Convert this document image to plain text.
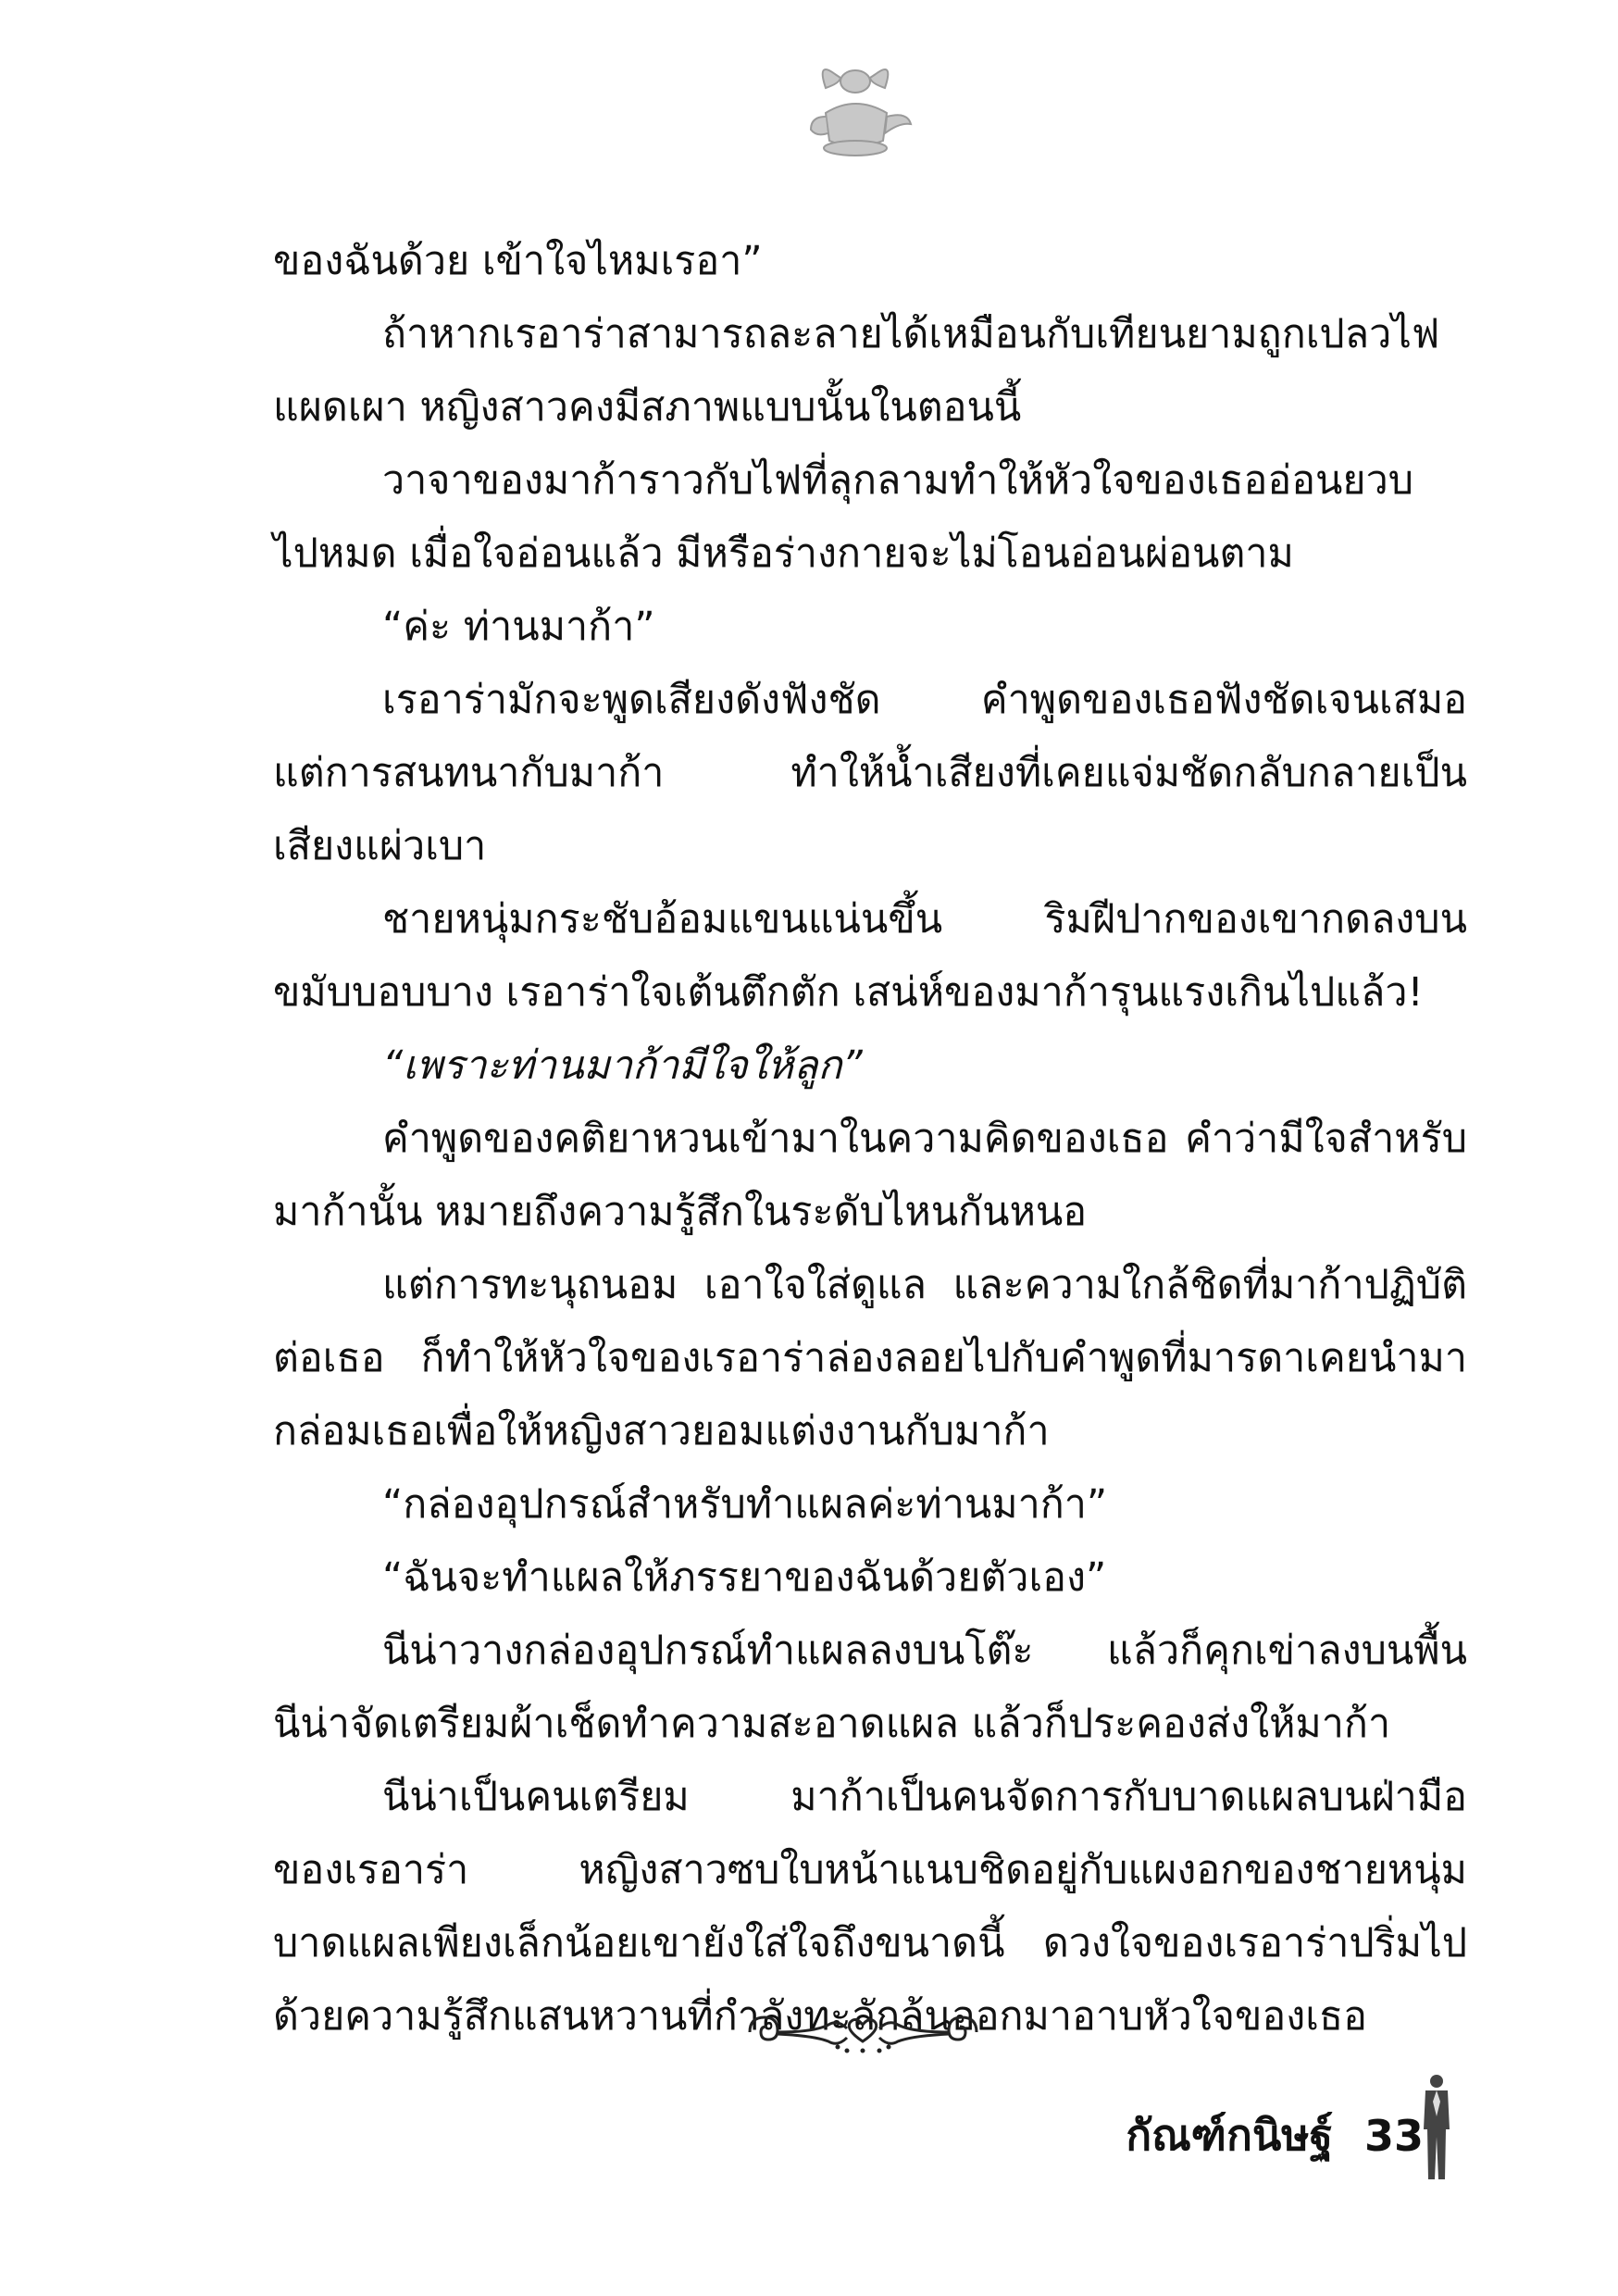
ของฉันด้วย เข้าใจไหมเรอา”
ถ้าหากเรอาร่าสามารถละลายได้เหมือนกับเทียนยามถูกเปลวไฟ
แผดเผา หญิงสาวคงมีสภาพแบบนั้นในตอนนี้
วาจาของมาก้าราวกับไฟที่ลุกลามทำให้หัวใจของเธออ่อนยวบ
ไปหมด เมื่อใจอ่อนแล้ว มีหรือร่างกายจะไม่โอนอ่อนผ่อนตาม
“ค่ะ ท่านมาก้า”
เรอาร่ามักจะพูดเสียงดังฟังชัด คำพูดของเธอฟังชัดเจนเสมอ
แต่การสนทนากับมาก้า ทำให้น้ำเสียงที่เคยแจ่มชัดกลับกลายเป็น
เสียงแผ่วเบา
ชายหนุ่มกระชับอ้อมแขนแน่นขึ้น ริมฝีปากของเขากดลงบน
ขมับบอบบาง เรอาร่าใจเต้นตึกตัก เสน่ห์ของมาก้ารุนแรงเกินไปแล้ว!
“เพราะท่านมาก้ามีใจให้ลูก”
คำพูดของคติยาหวนเข้ามาในความคิดของเธอ คำว่ามีใจสำหรับ
มาก้านั้น หมายถึงความรู้สึกในระดับไหนกันหนอ
แต่การทะนุถนอม เอาใจใส่ดูแล และความใกล้ชิดที่มาก้าปฏิบัติ
ต่อเธอ ก็ทำให้หัวใจของเรอาร่าล่องลอยไปกับคำพูดที่มารดาเคยนำมา
กล่อมเธอเพื่อให้หญิงสาวยอมแต่งงานกับมาก้า
“กล่องอุปกรณ์สำหรับทำแผลค่ะท่านมาก้า”
“ฉันจะทำแผลให้ภรรยาของฉันด้วยตัวเอง”
นีน่าวางกล่องอุปกรณ์ทำแผลลงบนโต๊ะ แล้วก็คุกเข่าลงบนพื้น
นีน่าจัดเตรียมผ้าเช็ดทำความสะอาดแผล แล้วก็ประคองส่งให้มาก้า
นีน่าเป็นคนเตรียม มาก้าเป็นคนจัดการกับบาดแผลบนฝ่ามือ
ของเรอาร่า หญิงสาวซบใบหน้าแนบชิดอยู่กับแผงอกของชายหนุ่ม
บาดแผลเพียงเล็กน้อยเขายังใส่ใจถึงขนาดนี้ ดวงใจของเรอาร่าปริ่มไป
ด้วยความรู้สึกแสนหวานที่กำลังทะลักล้นออกมาอาบหัวใจของเธอ
กัณฑ์กนิษฐ์ 33
